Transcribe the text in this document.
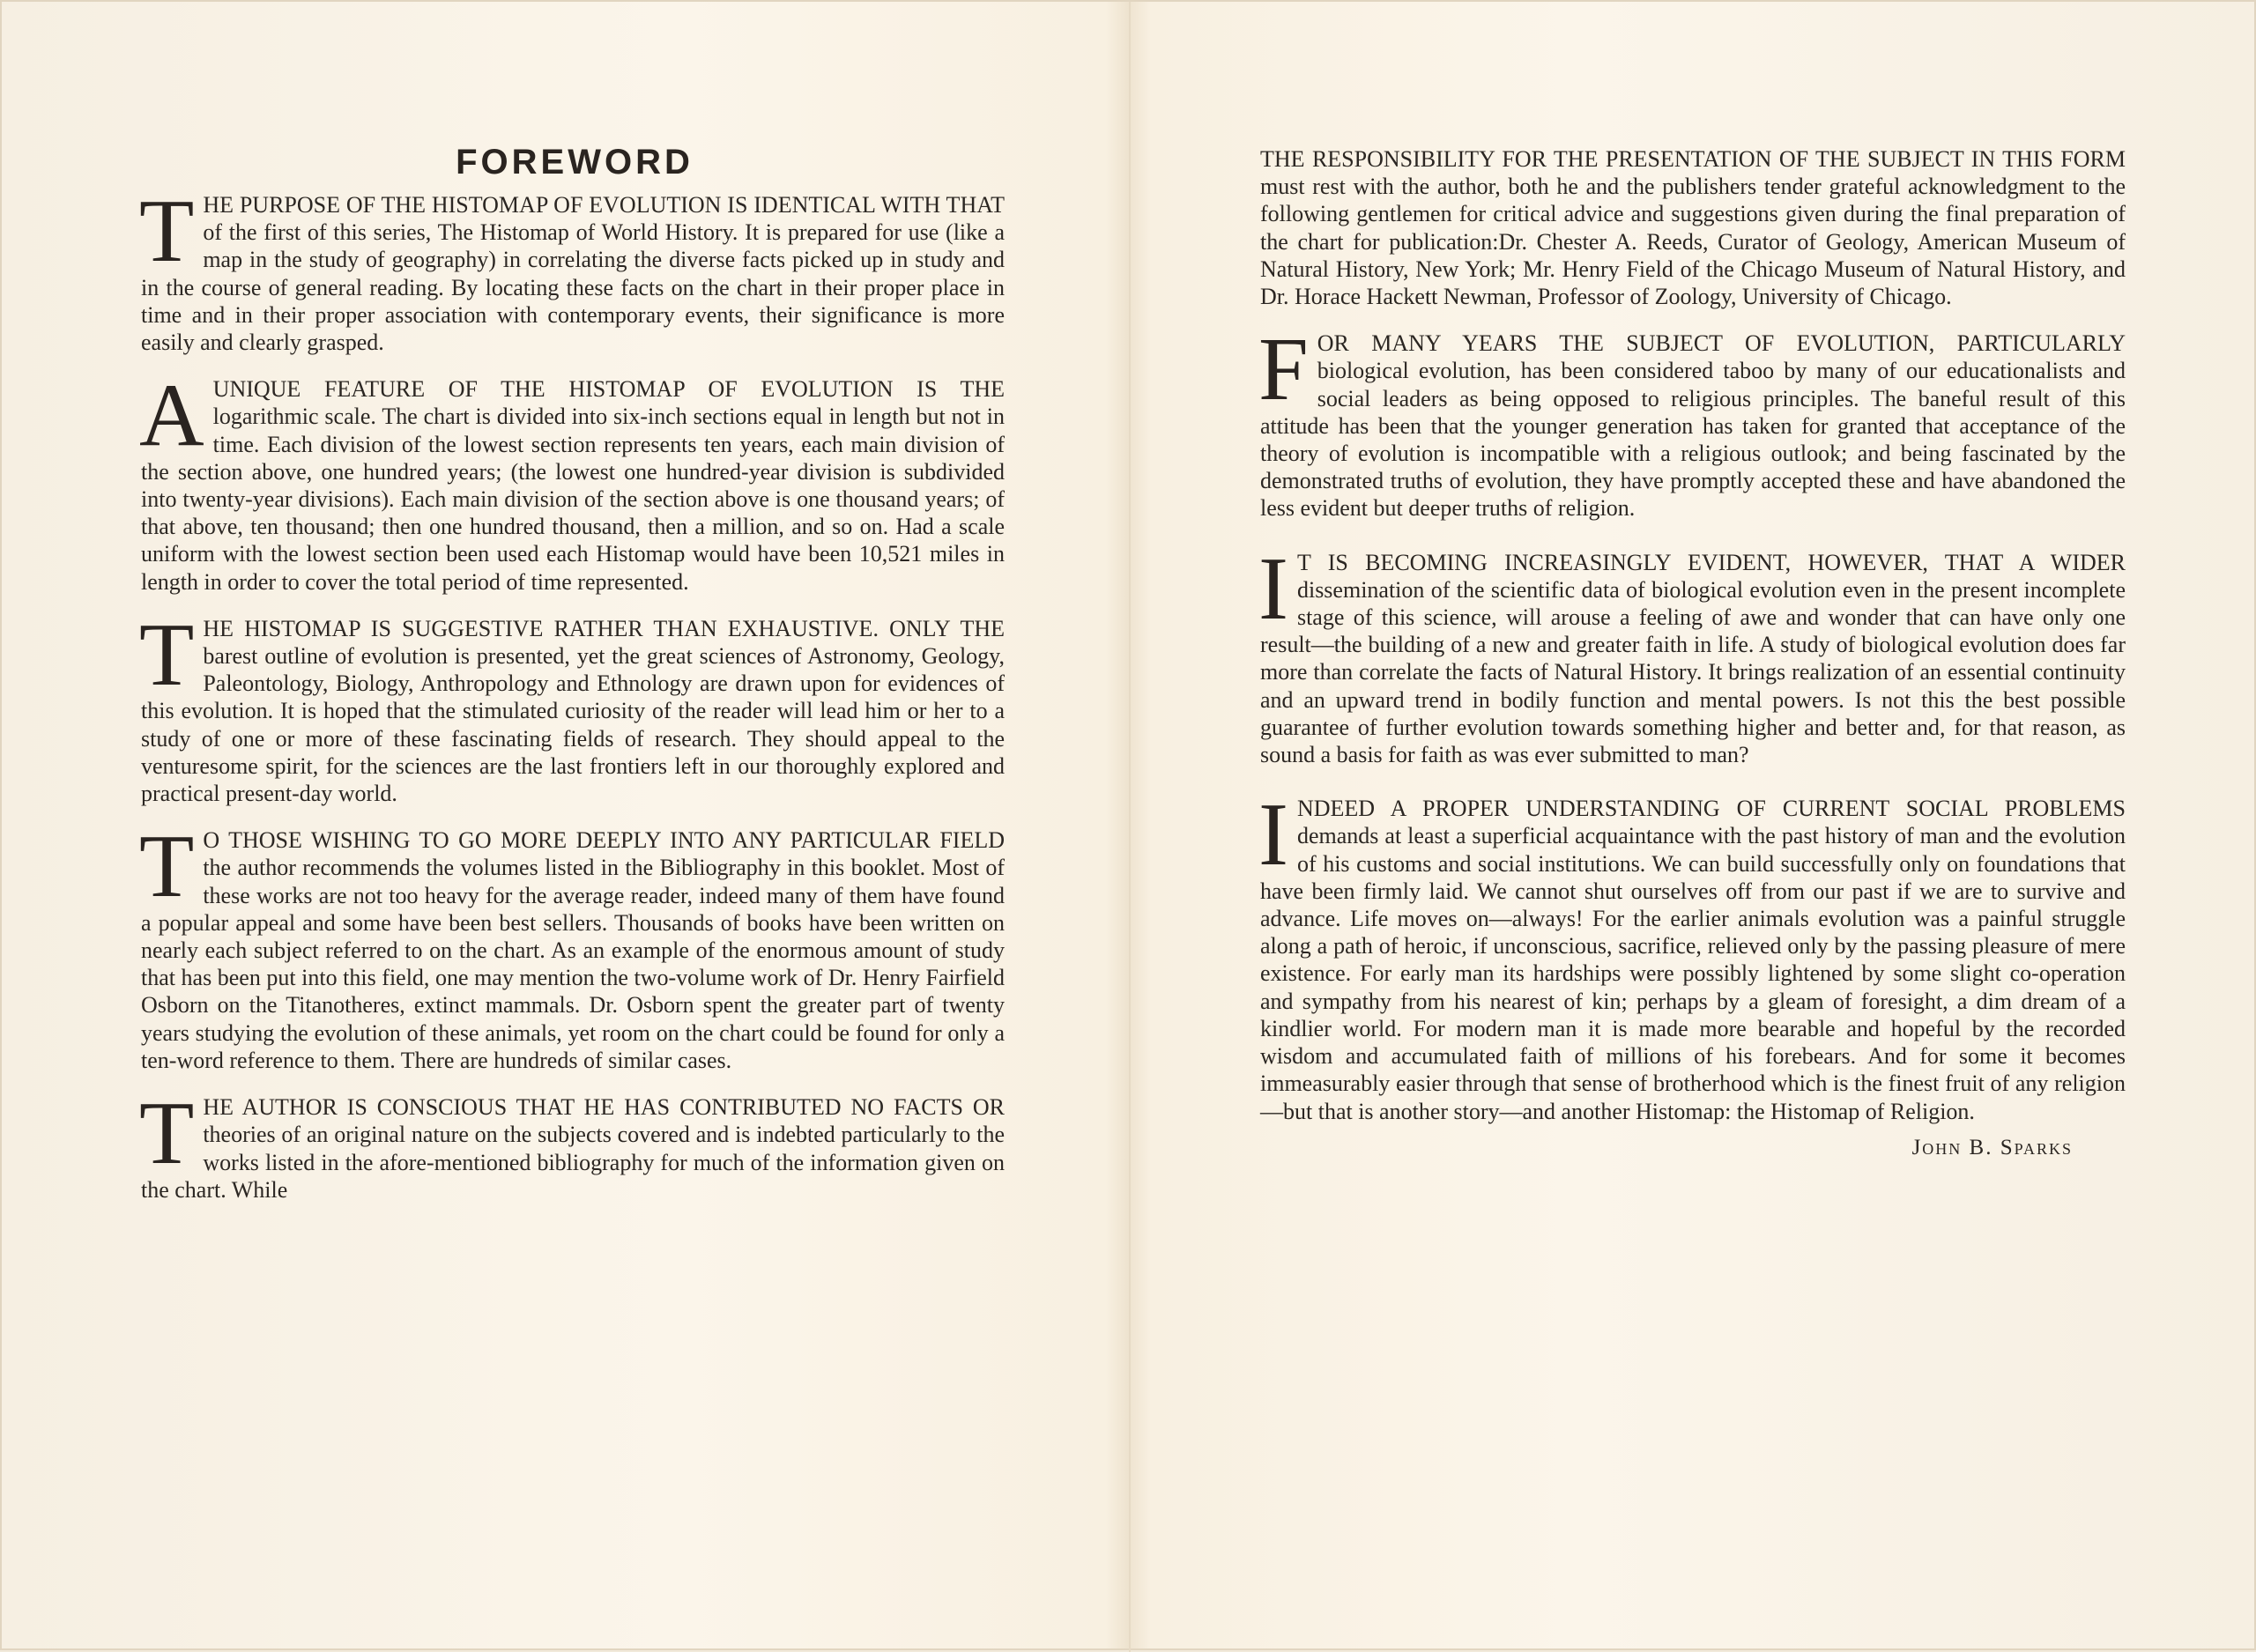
FOREWORD

THE purpose of the Histomap of Evolution is identical with that of the first of this series, The Histomap of World History. It is prepared for use (like a map in the study of geography) in correlating the diverse facts picked up in study and in the course of general reading. By locating these facts on the chart in their proper place in time and in their proper association with contemporary events, their significance is more easily and clearly grasped.

AUNIQUE feature of the Histomap of Evolution is the logarithmic scale. The chart is divided into six-inch sections equal in length but not in time. Each division of the lowest section represents ten years, each main division of the section above, one hundred years; (the lowest one hundred-year division is subdivided into twenty-year divisions). Each main division of the section above is one thousand years; of that above, ten thousand; then one hundred thousand, then a million, and so on. Had a scale uniform with the lowest section been used each Histomap would have been 10,521 miles in length in order to cover the total period of time represented.

THE Histomap is suggestive rather than exhaustive. Only the barest outline of evolution is presented, yet the great sciences of Astronomy, Geology, Paleontology, Biology, Anthropology and Ethnology are drawn upon for evidences of this evolution. It is hoped that the stimulated curiosity of the reader will lead him or her to a study of one or more of these fascinating fields of research. They should appeal to the venturesome spirit, for the sciences are the last frontiers left in our thoroughly explored and practical present-day world.

T O THOSE wishing to go more deeply into any particular field the author recommends the volumes listed in the Bibliography in this booklet. Most of these works are not too heavy for the average reader, indeed many of them have found a popular appeal and some have been best sellers. Thousands of books have been written on nearly each subject referred to on the chart. As an example of the enormous amount of study that has been put into this field, one may mention the two-volume work of Dr. Henry Fairfield Osborn on the Titanotheres, extinct mammals. Dr. Osborn spent the greater part of twenty years studying the evolution of these animals, yet room on the chart could be found for only a ten-word reference to them. There are hundreds of similar cases.

THE author is conscious that he has contributed no facts or theories of an original nature on the subjects covered and is indebted particularly to the works listed in the afore-mentioned bibliography for much of the information given on the chart. While

THE RESPONSIBILITY FOR THE PRESENTATION OF THE SUBJECT IN THIS FORM must rest with the author, both he and the publishers tender grateful acknowledgment to the following gentlemen for critical advice and suggestions given during the final preparation of the chart for publication:Dr. Chester A. Reeds, Curator of Geology, American Museum of Natural History, New York; Mr. Henry Field of the Chicago Museum of Natural History, and Dr. Horace Hackett Newman, Professor of Zoology, University of Chicago.

FOR many years the subject of evolution, particularly biological evolution, has been considered taboo by many of our educationalists and social leaders as being opposed to religious principles. The baneful result of this attitude has been that the younger generation has taken for granted that acceptance of the theory of evolution is incompatible with a religious outlook; and being fascinated by the demonstrated truths of evolution, they have promptly accepted these and have abandoned the less evident but deeper truths of religion.

I T IS becoming increasingly evident, however, that a wider dissemination of the scientific data of biological evolution even in the present incomplete stage of this science, will arouse a feeling of awe and wonder that can have only one result—the building of a new and greater faith in life. A study of biological evolution does far more than correlate the facts of Natural History. It brings realization of an essential continuity and an upward trend in bodily function and mental powers. Is not this the best possible guarantee of further evolution towards something higher and better and, for that reason, as sound a basis for faith as was ever submitted to man?

INDEED a proper understanding of current social problems demands at least a superficial acquaintance with the past history of man and the evolution of his customs and social institutions. We can build successfully only on foundations that have been firmly laid. We cannot shut ourselves off from our past if we are to survive and advance. Life moves on—always! For the earlier animals evolution was a painful struggle along a path of heroic, if unconscious, sacrifice, relieved only by the passing pleasure of mere existence. For early man its hardships were possibly lightened by some slight co-operation and sympathy from his nearest of kin; perhaps by a gleam of foresight, a dim dream of a kindlier world. For modern man it is made more bearable and hopeful by the recorded wisdom and accumulated faith of millions of his forebears. And for some it becomes immeasurably easier through that sense of brotherhood which is the finest fruit of any religion—but that is another story—and another Histomap: the Histomap of Religion.

John B. Sparks
